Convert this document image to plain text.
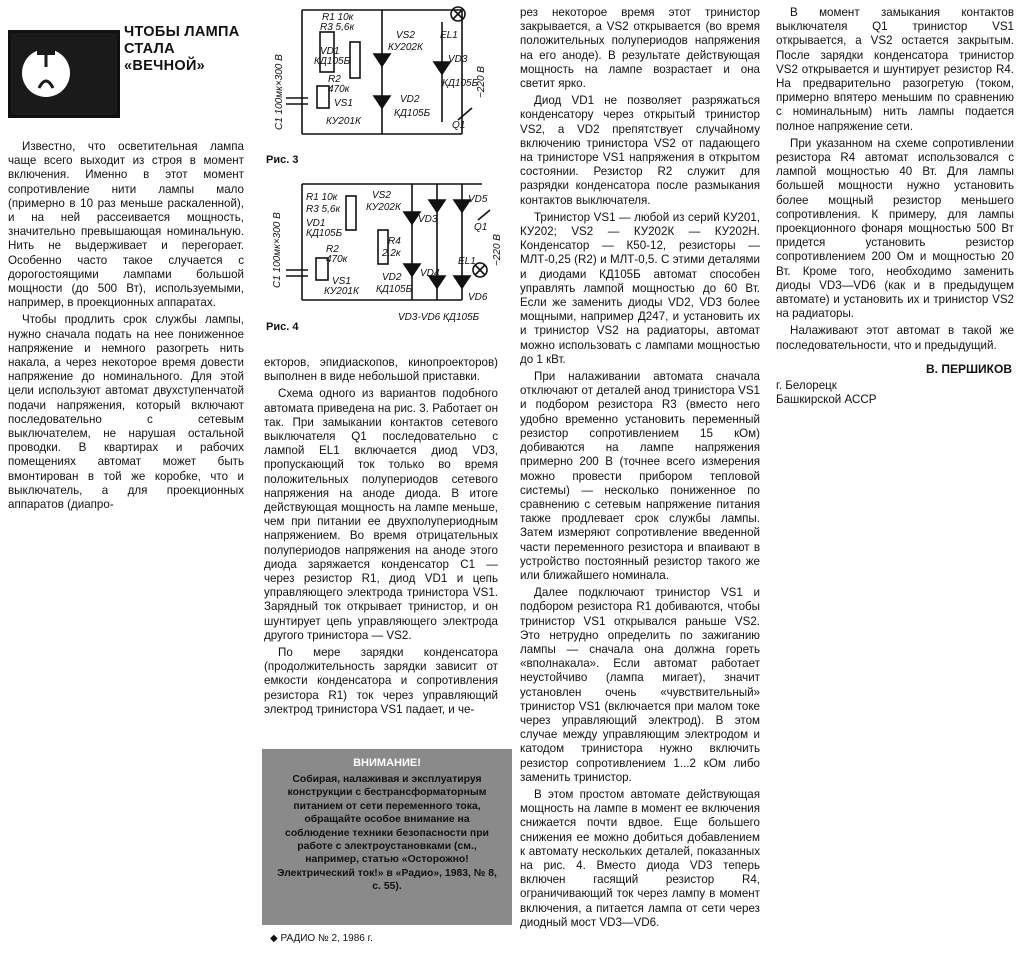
ЧТОБЫ ЛАМПА
СТАЛА
«ВЕЧНОЙ»
R1 10к
R3 5,6к
VD1
КД105Б
R2
470к
VS1
КУ201К
VS2
КУ202К
VD3
КД105Б
VD2
КД105Б
EL1
Q1
~220 В
C1 100мк×300 В
Рис. 3
R1 10к
R3 5,6к
VD1
КД105Б
R2
470к
VS1
КУ201К
VS2
КУ202К
R4
2,2к
VD2
КД105Б
VD3
VD4
VD5
VD6
Q1
EL1 ~220 В
C1 100мк×300 В
VD3-VD6 КД105Б
Рис. 4

Известно, что осветительная лампа чаще всего выходит из строя в момент включения. Именно в этот момент сопротивление нити лампы мало (примерно в 10 раз меньше раскаленной), и на ней рассеивается мощность, значительно превышающая номинальную. Нить не выдерживает и перегорает. Особенно часто такое случается с дорогостоящими лампами большой мощности (до 500 Вт), используемыми, например, в проекционных аппаратах.

Чтобы продлить срок службы лампы, нужно сначала подать на нее пониженное напряжение и немного разогреть нить накала, а через некоторое время довести напряжение до номинального. Для этой цели используют автомат двухступенчатой подачи напряжения, который включают последовательно с сетевым выключателем, не нарушая остальной проводки. В квартирах и рабочих помещениях автомат может быть вмонтирован в той же коробке, что и выключатель, а для проекционных аппаратов (диапро-

екторов, эпидиаскопов, кинопроекторов) выполнен в виде небольшой приставки.

Схема одного из вариантов подобного автомата приведена на рис. 3. Работает он так. При замыкании контактов сетевого выключателя Q1 последовательно с лампой EL1 включается диод VD3, пропускающий ток только во время положительных полупериодов сетевого напряжения на аноде диода. В итоге действующая мощность на лампе меньше, чем при питании ее двухполупериодным напряжением. Во время отрицательных полупериодов напряжения на аноде этого диода заряжается конденсатор C1 — через резистор R1, диод VD1 и цепь управляющего электрода тринистора VS1. Зарядный ток открывает тринистор, и он шунтирует цепь управляющего электрода другого тринистора — VS2.

По мере зарядки конденсатора (продолжительность зарядки зависит от емкости конденсатора и сопротивления резистора R1) ток через управляющий электрод тринистора VS1 падает, и че-

ВНИМАНИЕ!
Собирая, налаживая и эксплуатируя конструкции с бестрансформаторным питанием от сети переменного тока, обращайте особое внимание на соблюдение техники безопасности при работе с электроустановками (см., например, статью «Осторожно! Электрический ток!» в «Радио», 1983, № 8, с. 55).

рез некоторое время этот тринистор закрывается, а VS2 открывается (во время положительных полупериодов напряжения на его аноде). В результате действующая мощность на лампе возрастает и она светит ярко.

Диод VD1 не позволяет разряжаться конденсатору через открытый тринистор VS2, а VD2 препятствует случайному включению тринистора VS2 от падающего на тринисторе VS1 напряжения в открытом состоянии. Резистор R2 служит для разрядки конденсатора после размыкания контактов выключателя.

Тринистор VS1 — любой из серий КУ201, КУ202; VS2 — КУ202К — КУ202Н. Конденсатор — К50-12, резисторы — МЛТ-0,25 (R2) и МЛТ-0,5. С этими деталями и диодами КД105Б автомат способен управлять лампой мощностью до 60 Вт. Если же заменить диоды VD2, VD3 более мощными, например Д247, и установить их и тринистор VS2 на радиаторы, автомат можно использовать с лампами мощностью до 1 кВт.

При налаживании автомата сначала отключают от деталей анод тринистора VS1 и подбором резистора R3 (вместо него удобно временно установить переменный резистор сопротивлением 15 кОм) добиваются на лампе напряжения примерно 200 В (точнее всего измерения можно провести прибором тепловой системы) — несколько пониженное по сравнению с сетевым напряжение питания также продлевает срок службы лампы. Затем измеряют сопротивление введенной части переменного резистора и впаивают в устройство постоянный резистор такого же или ближайшего номинала.

Далее подключают тринистор VS1 и подбором резистора R1 добиваются, чтобы тринистор VS1 открывался раньше VS2. Это нетрудно определить по зажиганию лампы — сначала она должна гореть «вполнакала». Если автомат работает неустойчиво (лампа мигает), значит установлен очень «чувствительный» тринистор VS1 (включается при малом токе через управляющий электрод). В этом случае между управляющим электродом и катодом тринистора нужно включить резистор сопротивлением 1...2 кОм либо заменить тринистор.

В этом простом автомате действующая мощность на лампе в момент ее включения снижается почти вдвое. Еще большего снижения ее можно добиться добавлением к автомату нескольких деталей, показанных на рис. 4. Вместо диода VD3 теперь включен гасящий резистор R4, ограничивающий ток через лампу в момент включения, а питается лампа от сети через диодный мост VD3—VD6.

В момент замыкания контактов выключателя Q1 тринистор VS1 открывается, а VS2 остается закрытым. После зарядки конденсатора тринистор VS2 открывается и шунтирует резистор R4. На предварительно разогретую (током, примерно впятеро меньшим по сравнению с номинальным) нить лампы подается полное напряжение сети.

При указанном на схеме сопротивлении резистора R4 автомат использовался с лампой мощностью 40 Вт. Для лампы большей мощности нужно установить более мощный резистор меньшего сопротивления. К примеру, для лампы проекционного фонаря мощностью 500 Вт придется установить резистор сопротивлением 200 Ом и мощностью 20 Вт. Кроме того, необходимо заменить диоды VD3—VD6 (как и в предыдущем автомате) и установить их и тринистор VS2 на радиаторы.

Налаживают этот автомат в такой же последовательности, что и предыдущий.

В. ПЕРШИКОВ
г. Белорецк
Башкирской АССР
◆ РАДИО № 2, 1986 г.
